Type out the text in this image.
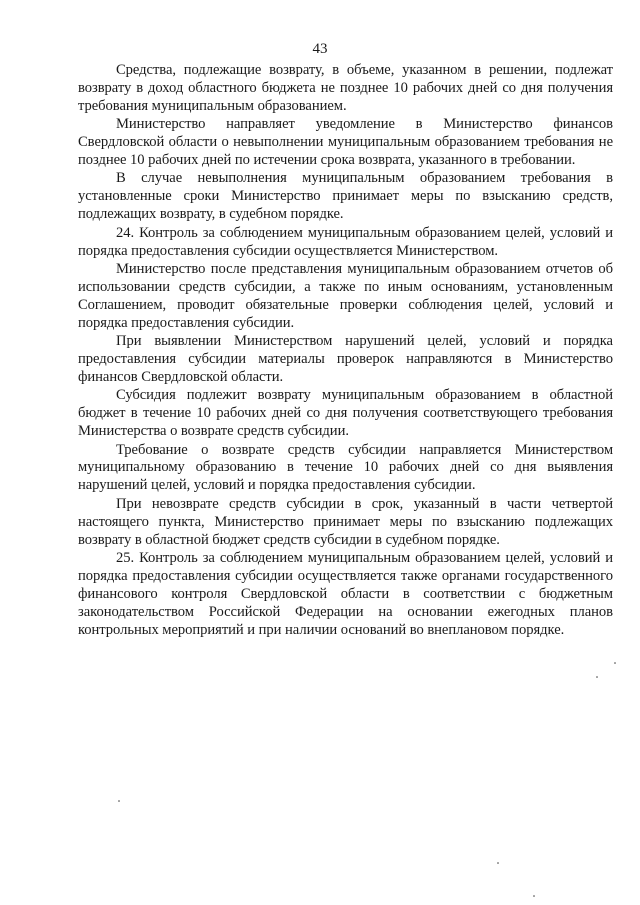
43

Средства, подлежащие возврату, в объеме, указанном в решении, подлежат возврату в доход областного бюджета не позднее 10 рабочих дней со дня получения требования муниципальным образованием.

Министерство направляет уведомление в Министерство финансов Свердловской области о невыполнении муниципальным образованием требования не позднее 10 рабочих дней по истечении срока возврата, указанного в требовании.

В случае невыполнения муниципальным образованием требования в установленные сроки Министерство принимает меры по взысканию средств, подлежащих возврату, в судебном порядке.

24. Контроль за соблюдением муниципальным образованием целей, условий и порядка предоставления субсидии осуществляется Министерством.

Министерство после представления муниципальным образованием отчетов об использовании средств субсидии, а также по иным основаниям, установленным Соглашением, проводит обязательные проверки соблюдения целей, условий и порядка предоставления субсидии.

При выявлении Министерством нарушений целей, условий и порядка предоставления субсидии материалы проверок направляются в Министерство финансов Свердловской области.

Субсидия подлежит возврату муниципальным образованием в областной бюджет в течение 10 рабочих дней со дня получения соответствующего требования Министерства о возврате средств субсидии.

Требование о возврате средств субсидии направляется Министерством муниципальному образованию в течение 10 рабочих дней со дня выявления нарушений целей, условий и порядка предоставления субсидии.

При невозврате средств субсидии в срок, указанный в части четвертой настоящего пункта, Министерство принимает меры по взысканию подлежащих возврату в областной бюджет средств субсидии в судебном порядке.

25. Контроль за соблюдением муниципальным образованием целей, условий и порядка предоставления субсидии осуществляется также органами государственного финансового контроля Свердловской области в соответствии с бюджетным законодательством Российской Федерации на основании ежегодных планов контрольных мероприятий и при наличии оснований во внеплановом порядке.
